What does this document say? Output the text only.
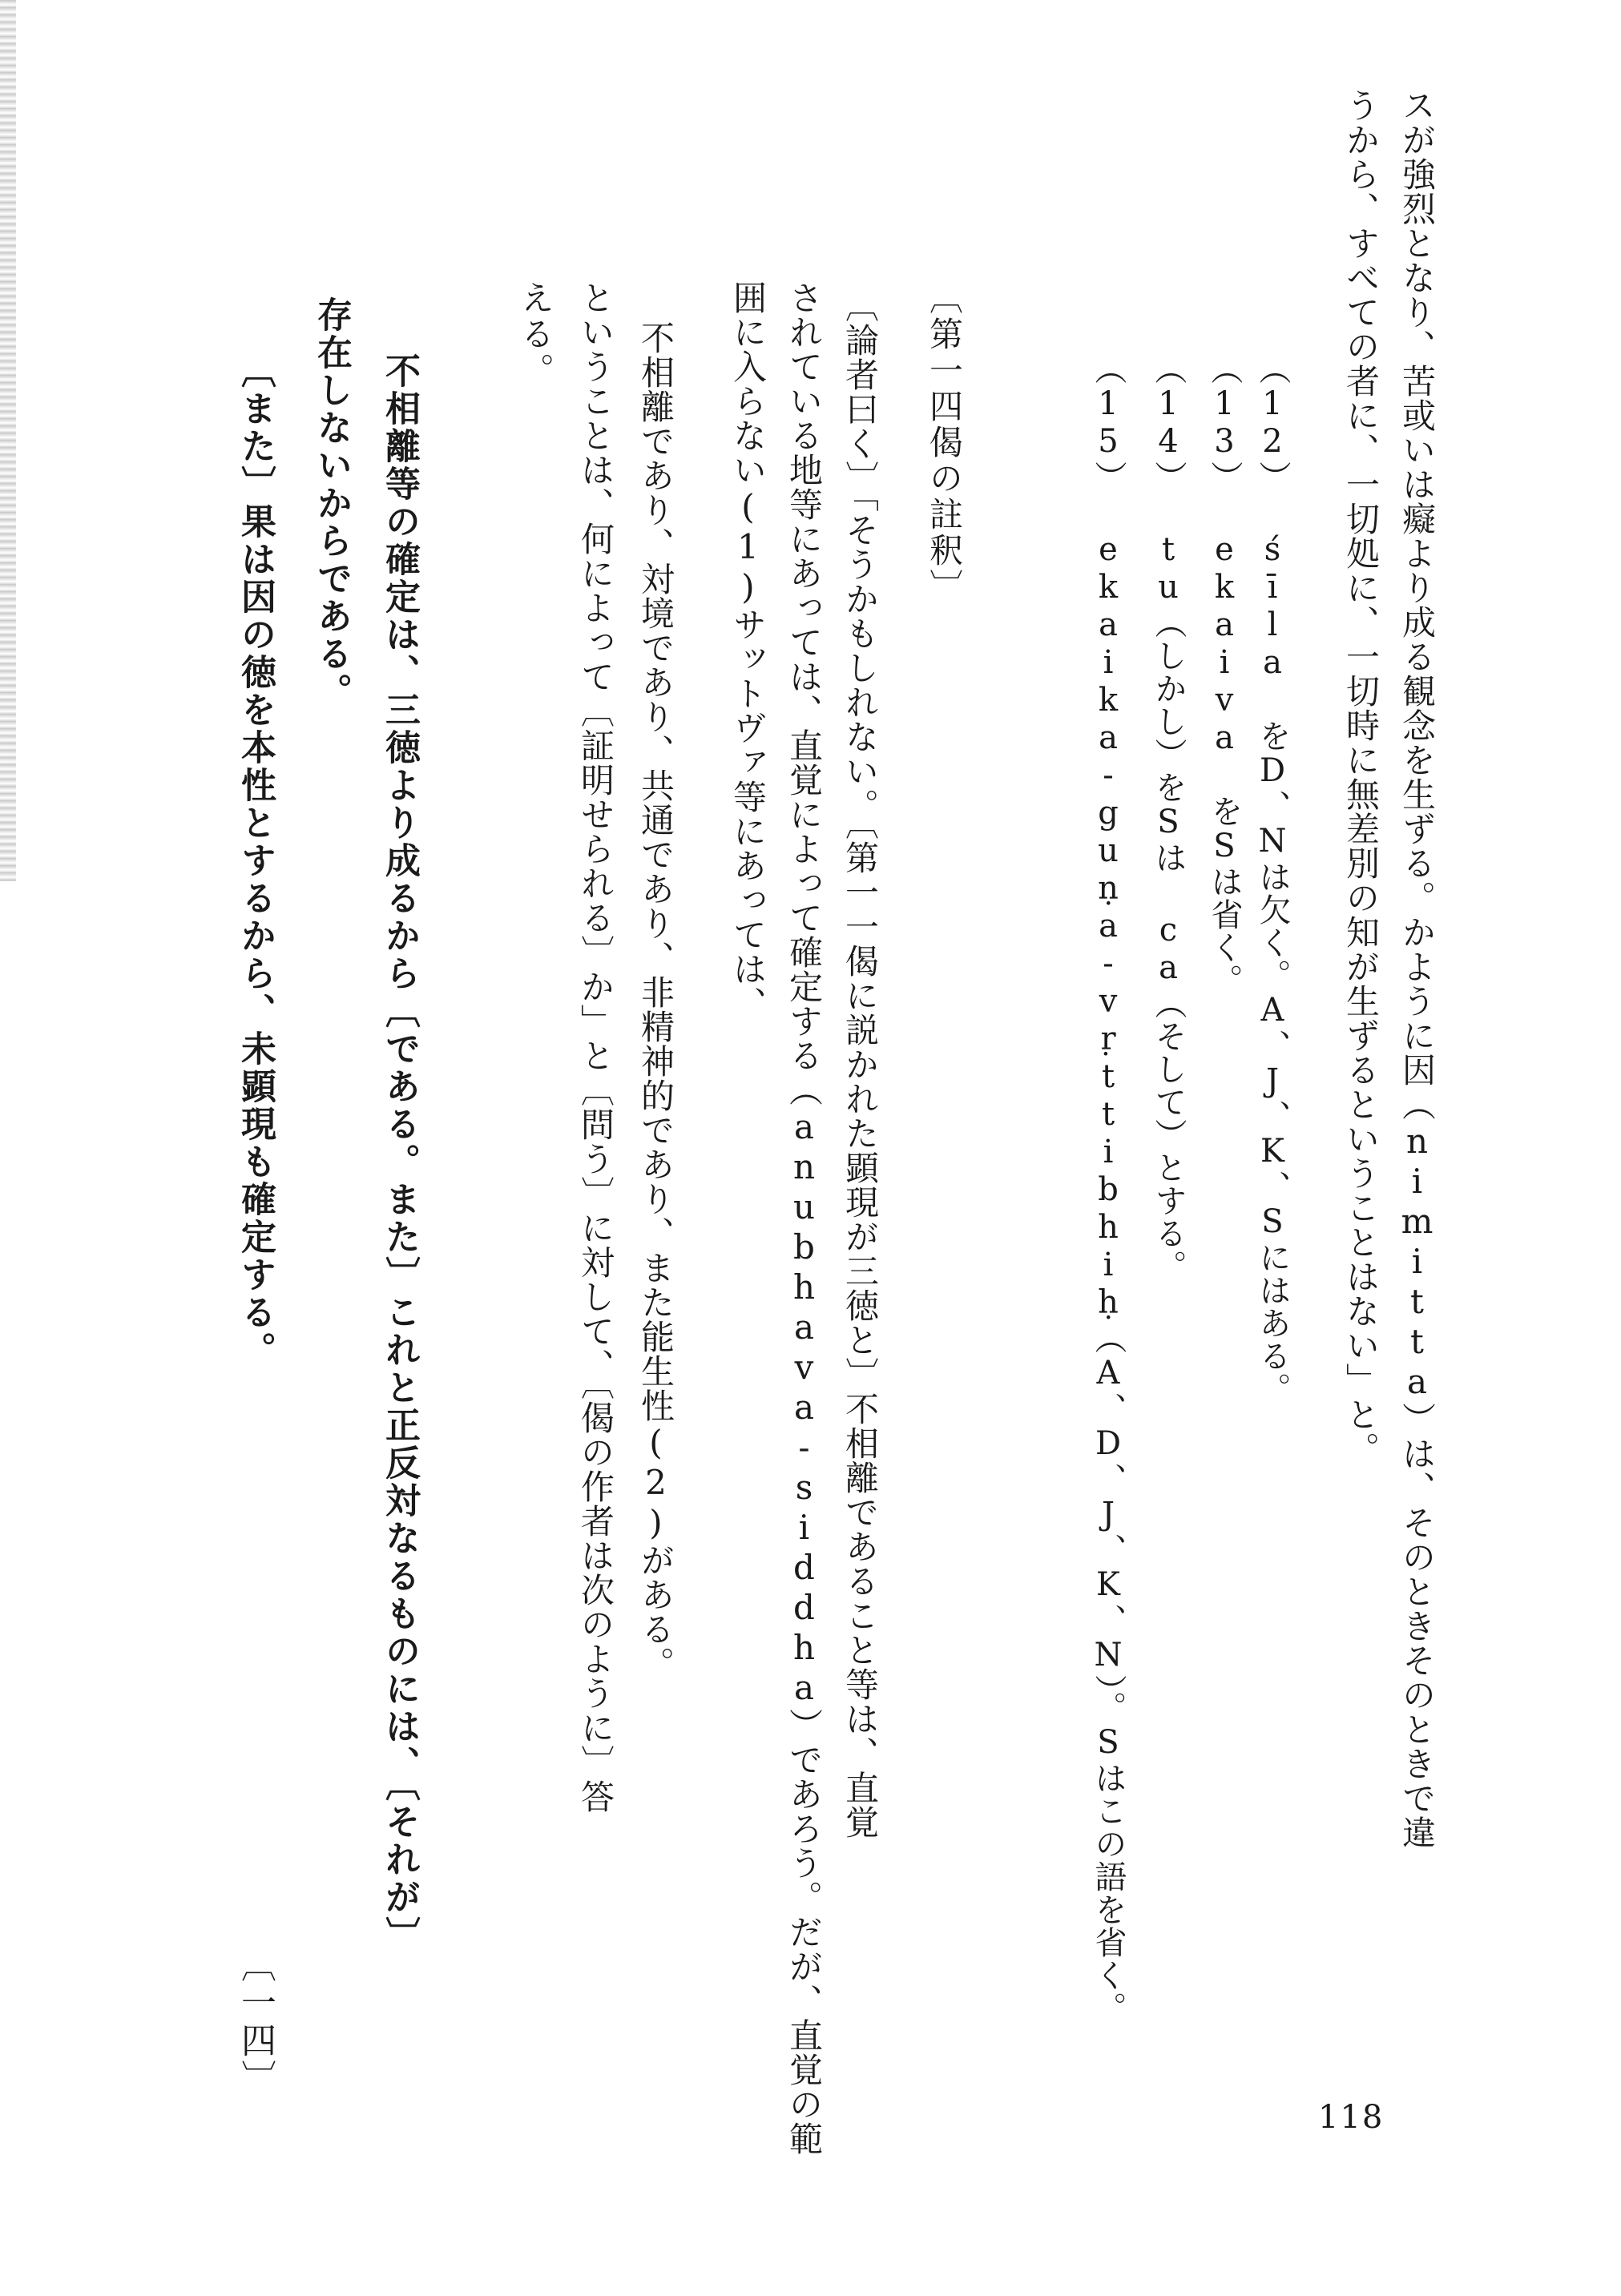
スが強烈となり、苦或いは癡より成る観念を生ずる。かように因（nimitta）は、そのときそのときで違
うから、すべての者に、一切処に、一切時に無差別の知が生ずるということはない」と。
（12） śīla をD、Nは欠く。A、J、K、Sにはある。
（13） ekaiva をSは省く。
（14） tu（しかし）をSは ca（そして）とする。
（15） ekaika-guṇa-vṛttibhiḥ（A、D、J、K、N）。Sはこの語を省く。
〔第一四偈の註釈〕
〔論者曰く〕「そうかもしれない。〔第一一偈に説かれた顕現が三徳と〕不相離であること等は、直覚
されている地等にあっては、直覚によって確定する（anubhava-siddha）であろう。だが、直覚の範
囲に入らない(1)サットヴァ等にあっては、
不相離であり、対境であり、共通であり、非精神的であり、また能生性(2)がある。
ということは、何によって〔証明せられる〕か」と〔問う〕に対して、〔偈の作者は次のように〕答
える。
不相離等の確定は、三徳より成るから〔である。また〕これと正反対なるものには、〔それが〕
存在しないからである。
〔また〕果は因の徳を本性とするから、未顕現も確定する。
〔一四〕
118
